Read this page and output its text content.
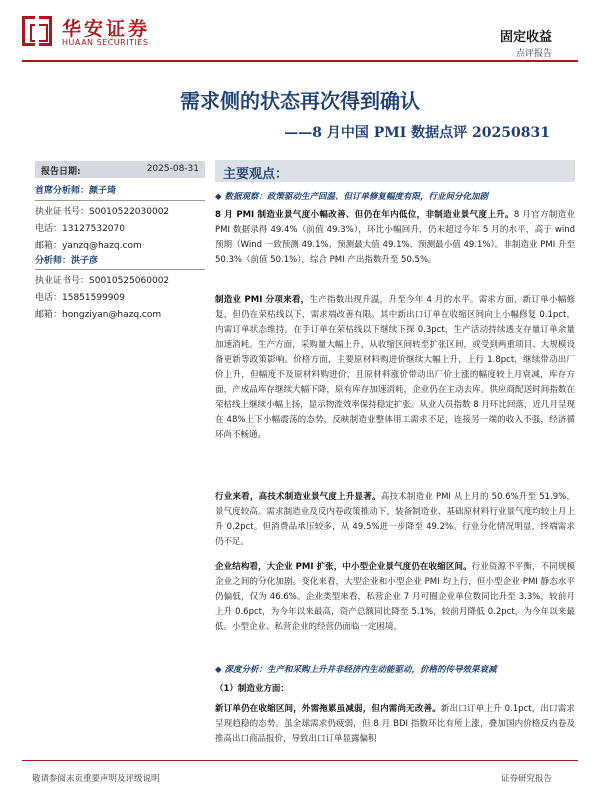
华安证券
HUAAN SECURITIES	固定收益
点评报告
需求侧的状态再次得到确认
——8 月中国 PMI 数据点评 20250831
报告日期:	2025-08-31
首席分析师：颜子琦
执业证书号：S0010522030002
电话：13127532070
邮箱：yanzq@hazq.com
分析师：洪子彦
执业证书号：S0010525060002
电话：15851599909
邮箱：hongziyan@hazq.com
主要观点：
◆ 数据观察：政策驱动生产回温、但订单修复幅度有限，行业间分化加剧
8 月 PMI 制造业景气度小幅改善、但仍在年内低位，非制造业景气度上升。8 月官方制造业 PMI 数据录得 49.4%（前值 49.3%），环比小幅回升，仍未超过今年 5 月的水平，高于 wind 预期（Wind 一致预测 49.1%、预测最大值 49.1%、预测最小值 49.1%）。非制造业 PMI 升至 50.3%（前值 50.1%），综合 PMI 产出指数升至 50.5%。
制造业 PMI 分项来看，生产指数出现升温，升至今年 4 月的水平。需求方面，新订单小幅修复，但仍在荣枯线以下，需求端改善有限。其中新出口订单在收缩区间向上小幅修复 0.1pct，内需订单状态维持。在手订单在荣枯线以下继续下探 0.3pct，生产活动持续透支存量订单余量加速消耗。生产方面，采购量大幅上升，从收缩区间转至扩张区间，或受到两重项目、大规模设备更新等政策影响。价格方面，主要原材料购进价继续大幅上升，上行 1.8pct，继续带动出厂价上升，但幅度不及原材料购进价，且原材料涨价带动出厂价上涨的幅度较上月衰减，库存方面，产成品库存继续大幅下降，原有库存加速消耗，企业仍在主动去库。供应商配送时间指数在荣枯线上继续小幅上扬，显示物流效率保持稳定扩张。从业人员指数 8 月环比回落，近几月呈现在 48%上下小幅震荡的态势，反映制造业整体用工需求不足，连接另一端的收入不强，经济循环尚不畅通。
行业来看，高技术制造业景气度上升显著。高技术制造业 PMI 从上月的 50.6%升至 51.9%，景气度较高。需求制造业及反内卷政策推动下，装备制造业、基础原材料行业景气度均较上月上升 0.2pct。但消费品承压较多，从 49.5%进一步降至 49.2%。行业分化情况明显，终端需求仍不足。
企业结构看，大企业 PMI 扩张，中小型企业景气度仍在收缩区间。行业资源不平衡，不同规模企业之间的分化加剧。变化来看，大型企业和小型企业 PMI 均上行，但小型企业 PMI 静态水平仍偏低，仅为 46.6%。企业类型来看，私营企业 7 月可圈企业单位数同比升至 3.3%，较前月上升 0.6pct，为今年以来最高，资产总额同比降至 5.1%，较前月降低 0.2pct，为今年以来最低。小型企业、私营企业的经营仍面临一定困境。
◆ 深度分析：生产和采购上升并非经济内生动能驱动，价格的传导效果衰减
（1）制造业方面：
新订单仍在收缩区间，外需拖累虽减弱，但内需尚无改善。新出口订单上升 0.1pct，出口需求呈现趋稳的态势。虽全球需求仍疲弱，但 8 月 BDI 指数环比有所上涨，叠加国内价格反内卷及推高出口商品报价，导致出口订单显露偏积
敬请参阅末页重要声明及评级说明	证券研究报告
